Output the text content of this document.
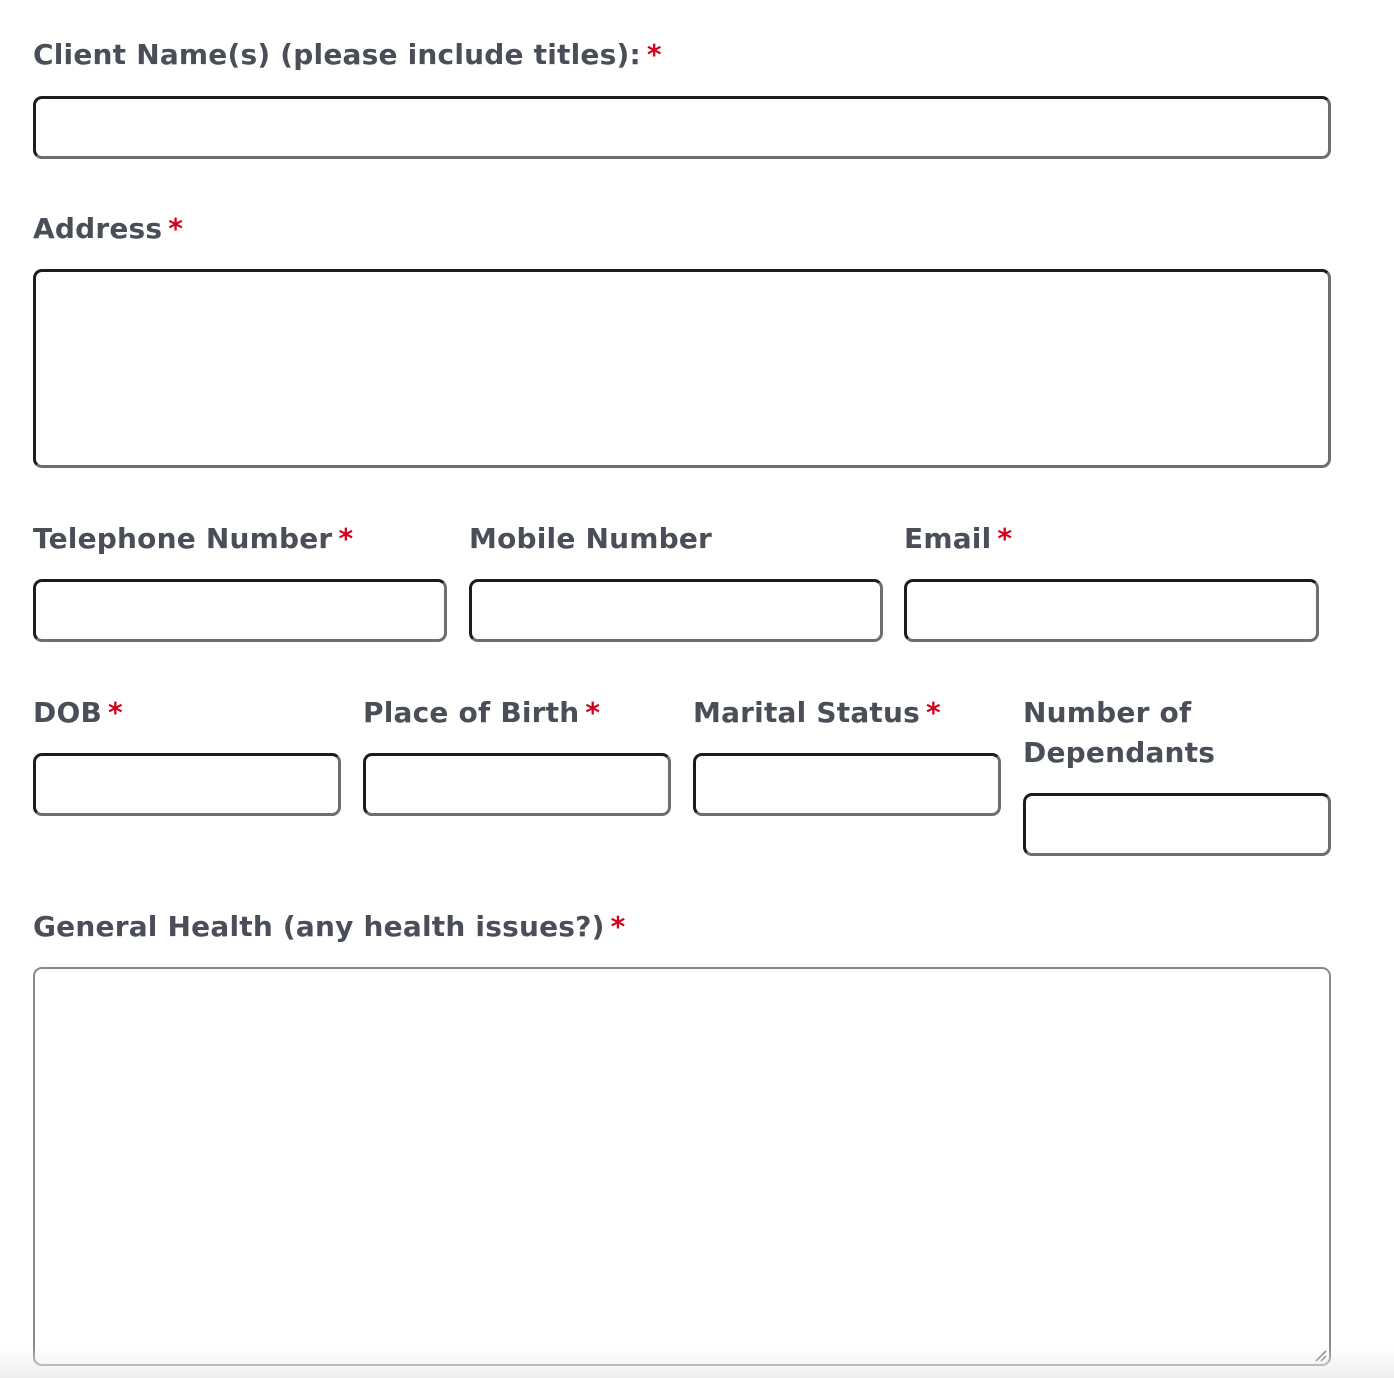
Client Name(s) (please include titles): *
Address *
Telephone Number *	Mobile Number	Email *
DOB *	Place of Birth *	Marital Status *	Number of Dependants
General Health (any health issues?) *
